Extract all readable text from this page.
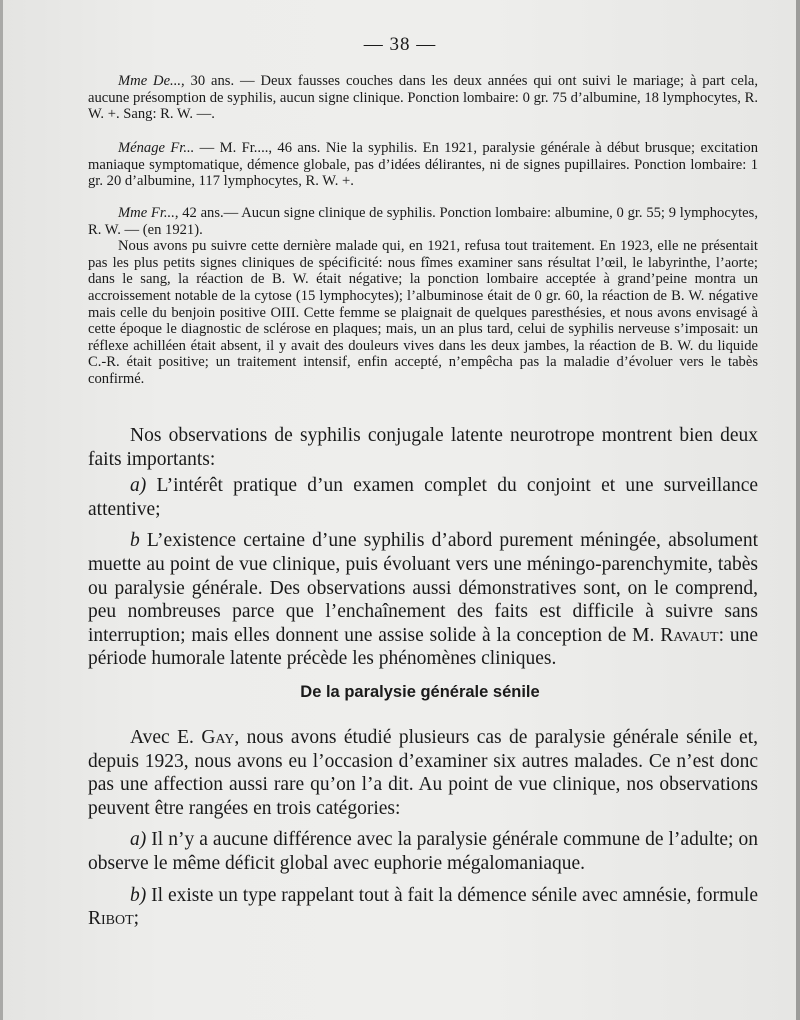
— 38 —

Mme De..., 30 ans. — Deux fausses couches dans les deux années qui ont suivi le mariage; à part cela, aucune présomption de syphilis, aucun signe clinique. Ponction lombaire: 0 gr. 75 d’albumine, 18 lymphocytes, R. W. +. Sang: R. W. —.

Ménage Fr... — M. Fr...., 46 ans. Nie la syphilis. En 1921, paralysie générale à début brusque; excitation maniaque symptomatique, démence globale, pas d’idées délirantes, ni de signes pupillaires. Ponction lombaire: 1 gr. 20 d’albumine, 117 lymphocytes, R. W. +.

Mme Fr..., 42 ans.— Aucun signe clinique de syphilis. Ponction lombaire: albumine, 0 gr. 55; 9 lymphocytes, R. W. — (en 1921).

Nous avons pu suivre cette dernière malade qui, en 1921, refusa tout traitement. En 1923, elle ne présentait pas les plus petits signes cliniques de spécificité: nous fîmes examiner sans résultat l’œil, le labyrinthe, l’aorte; dans le sang, la réaction de B. W. était négative; la ponction lombaire acceptée à grand’peine montra un accroissement notable de la cytose (15 lymphocytes); l’albuminose était de 0 gr. 60, la réaction de B. W. négative mais celle du benjoin positive OIII. Cette femme se plaignait de quelques paresthésies, et nous avons envisagé à cette époque le diagnostic de sclérose en plaques; mais, un an plus tard, celui de syphilis nerveuse s’imposait: un réflexe achilléen était absent, il y avait des douleurs vives dans les deux jambes, la réaction de B. W. du liquide C.-R. était positive; un traitement intensif, enfin accepté, n’empêcha pas la maladie d’évoluer vers le tabès confirmé.

Nos observations de syphilis conjugale latente neurotrope montrent bien deux faits importants:

a) L’intérêt pratique d’un examen complet du conjoint et une surveillance attentive;

b L’existence certaine d’une syphilis d’abord purement méningée, absolument muette au point de vue clinique, puis évoluant vers une méningo-parenchymite, tabès ou paralysie générale. Des observations aussi démonstratives sont, on le comprend, peu nombreuses parce que l’enchaînement des faits est difficile à suivre sans interruption; mais elles donnent une assise solide à la conception de M. Ravaut: une période humorale latente précède les phénomènes cliniques.

De la paralysie générale sénile

Avec E. Gay, nous avons étudié plusieurs cas de paralysie générale sénile et, depuis 1923, nous avons eu l’occasion d’examiner six autres malades. Ce n’est donc pas une affection aussi rare qu’on l’a dit. Au point de vue clinique, nos observations peuvent être rangées en trois catégories:

a) Il n’y a aucune différence avec la paralysie générale commune de l’adulte; on observe le même déficit global avec euphorie mégalomaniaque.

b) Il existe un type rappelant tout à fait la démence sénile avec amnésie, formule Ribot;
